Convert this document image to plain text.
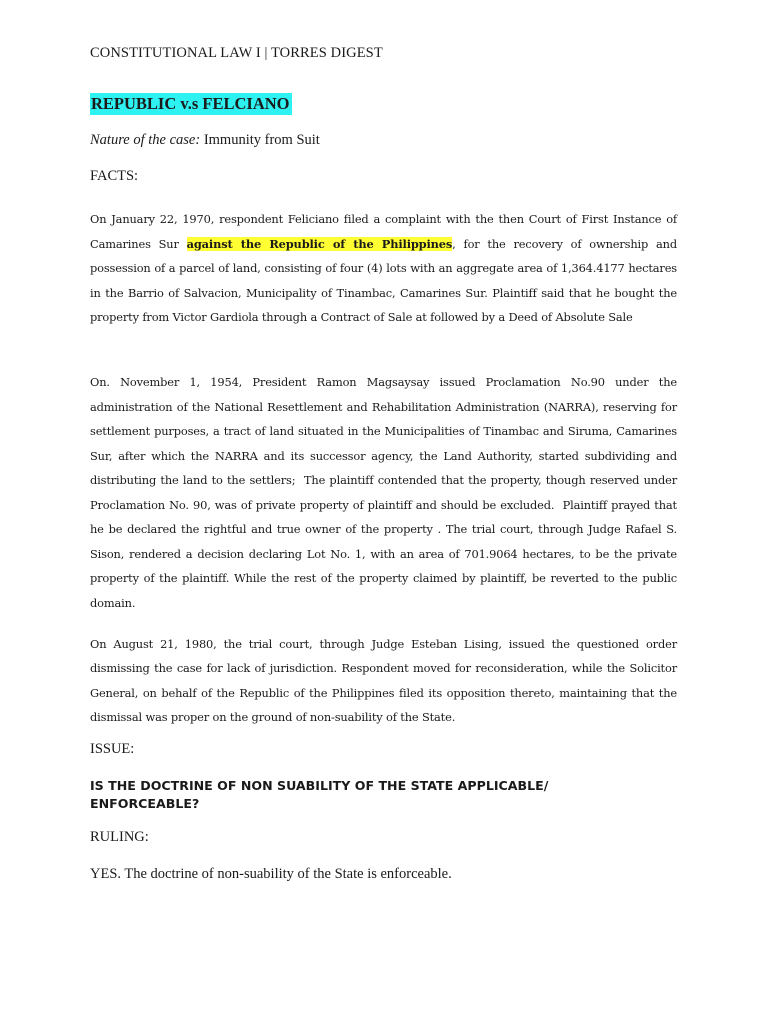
CONSTITUTIONAL LAW I | TORRES DIGEST
REPUBLIC v.s FELCIANO
Nature of the case: Immunity from Suit
FACTS:
On January 22, 1970, respondent Feliciano filed a complaint with the then Court of First Instance of Camarines Sur against the Republic of the Philippines, for the recovery of ownership and possession of a parcel of land, consisting of four (4) lots with an aggregate area of 1,364.4177 hectares in the Barrio of Salvacion, Municipality of Tinambac, Camarines Sur. Plaintiff said that he bought the property from Victor Gardiola through a Contract of Sale at followed by a Deed of Absolute Sale
On. November 1, 1954, President Ramon Magsaysay issued Proclamation No.90 under the administration of the National Resettlement and Rehabilitation Administration (NARRA), reserving for settlement purposes, a tract of land situated in the Municipalities of Tinambac and Siruma, Camarines Sur, after which the NARRA and its successor agency, the Land Authority, started subdividing and distributing the land to the settlers;  The plaintiff contended that the property, though reserved under Proclamation No. 90, was of private property of plaintiff and should be excluded.  Plaintiff prayed that he be declared the rightful and true owner of the property . The trial court, through Judge Rafael S. Sison, rendered a decision declaring Lot No. 1, with an area of 701.9064 hectares, to be the private property of the plaintiff. While the rest of the property claimed by plaintiff, be reverted to the public domain.
On August 21, 1980, the trial court, through Judge Esteban Lising, issued the questioned order dismissing the case for lack of jurisdiction. Respondent moved for reconsideration, while the Solicitor General, on behalf of the Republic of the Philippines filed its opposition thereto, maintaining that the dismissal was proper on the ground of non-suability of the State.
ISSUE:
IS THE DOCTRINE OF NON SUABILITY OF THE STATE APPLICABLE/ ENFORCEABLE?
RULING:
YES. The doctrine of non-suability of the State is enforceable.
